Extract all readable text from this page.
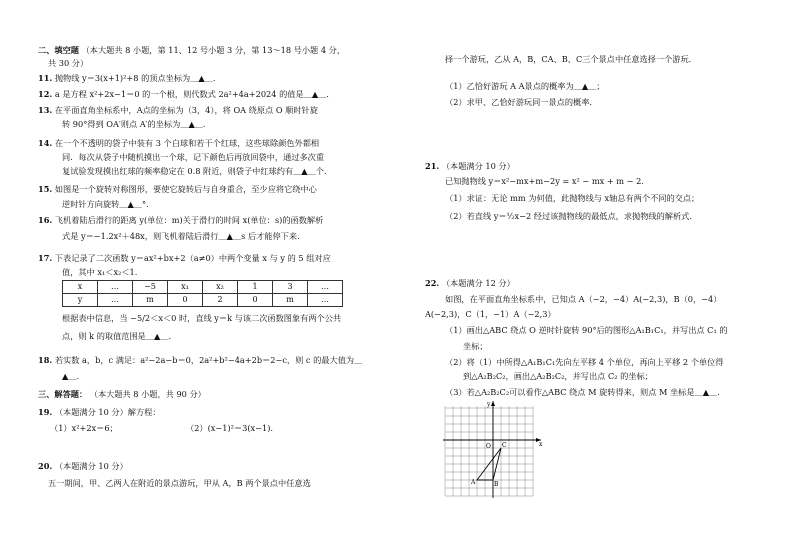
二、填空题 （本大题共 8 小题，第 11、12 号小题 3 分，第 13～18 号小题 4 分，
共 30 分）
11. 抛物线 y＝3(x+1)²+8 的顶点坐标为＿▲＿.
12. a 是方程 x²+2x−1＝0 的一个根，则代数式 2a²+4a+2024 的值是＿▲＿.
13. 在平面直角坐标系中，A点的坐标为（3，4），将 OA 绕原点 O 顺时针旋
转 90°得到 OA′则点 A′的坐标为＿▲＿.
14. 在一个不透明的袋子中装有 3 个白球和若干个红球，这些球除颜色外都相
同．每次从袋子中随机摸出一个球，记下颜色后再放回袋中，通过多次重
复试验发现摸出红球的频率稳定在 0.8 附近，则袋子中红球约有＿▲＿个.
15. 如图是一个旋转对称图形，要使它旋转后与自身重合，至少应将它绕中心
逆时针方向旋转＿▲＿°.
16. 飞机着陆后滑行的距离 y(单位：m)关于滑行的时间 x(单位：s)的函数解析
式是 y＝−1.2x²＋48x，则飞机着陆后滑行＿▲＿s 后才能停下来.
17. 下表记录了二次函数 y＝ax²+bx+2（a≠0）中两个变量 x 与 y 的 5 组对应
值，其中 x₁＜x₂＜1.
x	…	−5	x₁	x₂	1	3	…
y	…	m	0	2	0	m	…
根据表中信息，当 −5/2＜x＜0 时，直线 y＝k 与该二次函数图象有两个公共
点，则 k 的取值范围是＿▲＿.
18. 若实数 a，b，c 满足：a²−2a−b＝0，2a²+b²−4a+2b＝2−c，则 c 的最大值为＿
▲＿.
三、解答题： （本大题共 8 小题，共 90 分）
19. （本题满分 10 分）解方程：
（1）x²+2x＝6；	（2）(x−1)²＝3(x−1).
20. （本题满分 10 分）
五一期间，甲、乙两人在附近的景点游玩，甲从 A，B 两个景点中任意选
择一个游玩，乙从 A，B，CA、B、C三个景点中任意选择一个游玩.
（1）乙恰好游玩 A A景点的概率为＿▲＿；
（2）求甲、乙恰好游玩同一景点的概率.
21. （本题满分 10 分）
已知抛物线 y＝x²−mx+m−2y = x² − mx + m − 2.
（1）求证：无论 mm 为何值，此抛物线与 x轴总有两个不同的交点；
（2）若直线 y＝½x−2 经过该抛物线的最低点，求抛物线的解析式.
22. （本题满分 12 分）
如图，在平面直角坐标系中，已知点 A（−2，−4）A(−2,3)，B（0，−4）
A(−2,3)，C（1，−1）A（−2,3）
（1）画出△ABC 绕点 O 逆时针旋转 90°后的图形△A₁B₁C₁，并写出点 C₁ 的
坐标；
（2）将（1）中所得△A₁B₁C₁先向左平移 4 个单位，再向上平移 2 个单位得
到△A₂B₂C₂，画出△A₂B₂C₂，并写出点 C₂ 的坐标；
（3）若△A₂B₂C₂可以看作△ABC 绕点 M 旋转得来，则点 M 坐标是＿▲＿.
y
x
O C
A	B
